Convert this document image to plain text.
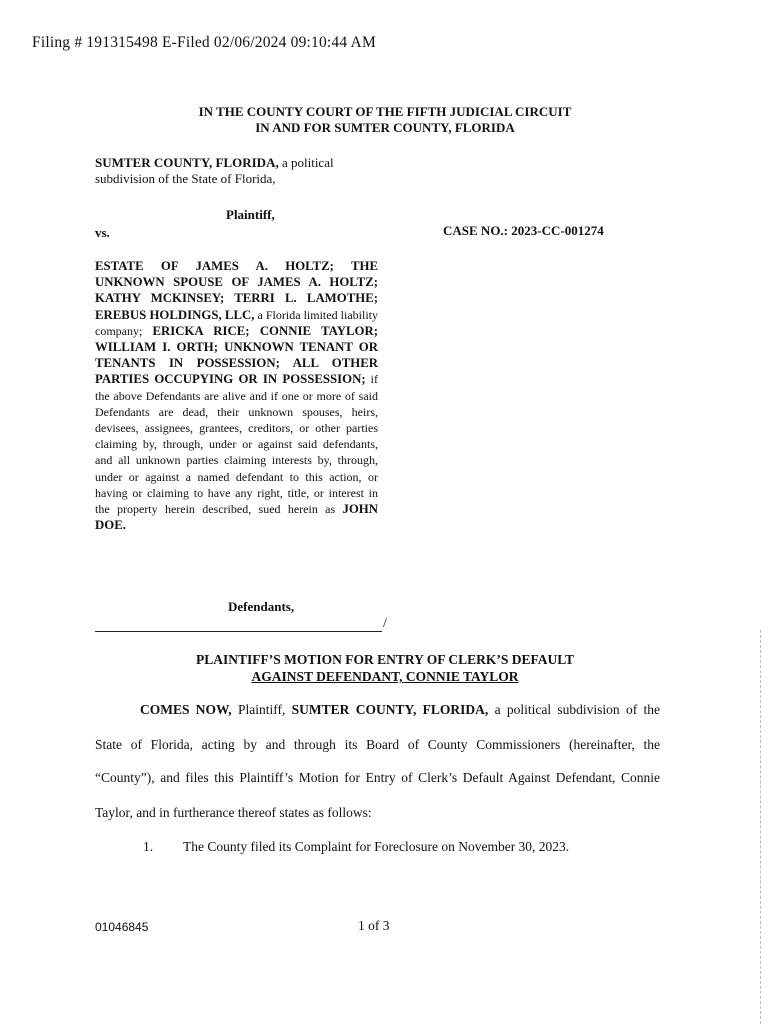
Filing # 191315498 E-Filed 02/06/2024 09:10:44 AM
IN THE COUNTY COURT OF THE FIFTH JUDICIAL CIRCUIT
IN AND FOR SUMTER COUNTY, FLORIDA
SUMTER COUNTY, FLORIDA, a political
subdivision of the State of Florida,
Plaintiff,
vs.	CASE NO.: 2023-CC-001274
ESTATE OF JAMES A. HOLTZ; THE UNKNOWN SPOUSE OF JAMES A. HOLTZ; KATHY MCKINSEY; TERRI L. LAMOTHE; EREBUS HOLDINGS, LLC, a Florida limited liability company; ERICKA RICE; CONNIE TAYLOR; WILLIAM I. ORTH; UNKNOWN TENANT OR TENANTS IN POSSESSION; ALL OTHER PARTIES OCCUPYING OR IN POSSESSION; if the above Defendants are alive and if one or more of said Defendants are dead, their unknown spouses, heirs, devisees, assignees, grantees, creditors, or other parties claiming by, through, under or against said defendants, and all unknown parties claiming interests by, through, under or against a named defendant to this action, or having or claiming to have any right, title, or interest in the property herein described, sued herein as JOHN DOE.
Defendants,
/
PLAINTIFF’S MOTION FOR ENTRY OF CLERK’S DEFAULT
AGAINST DEFENDANT, CONNIE TAYLOR
COMES NOW, Plaintiff, SUMTER COUNTY, FLORIDA, a political subdivision of the
State of Florida, acting by and through its Board of County Commissioners (hereinafter, the
“County”), and files this Plaintiff’s Motion for Entry of Clerk’s Default Against Defendant, Connie
Taylor, and in furtherance thereof states as follows:
1. The County filed its Complaint for Foreclosure on November 30, 2023.
01046845	1 of 3
